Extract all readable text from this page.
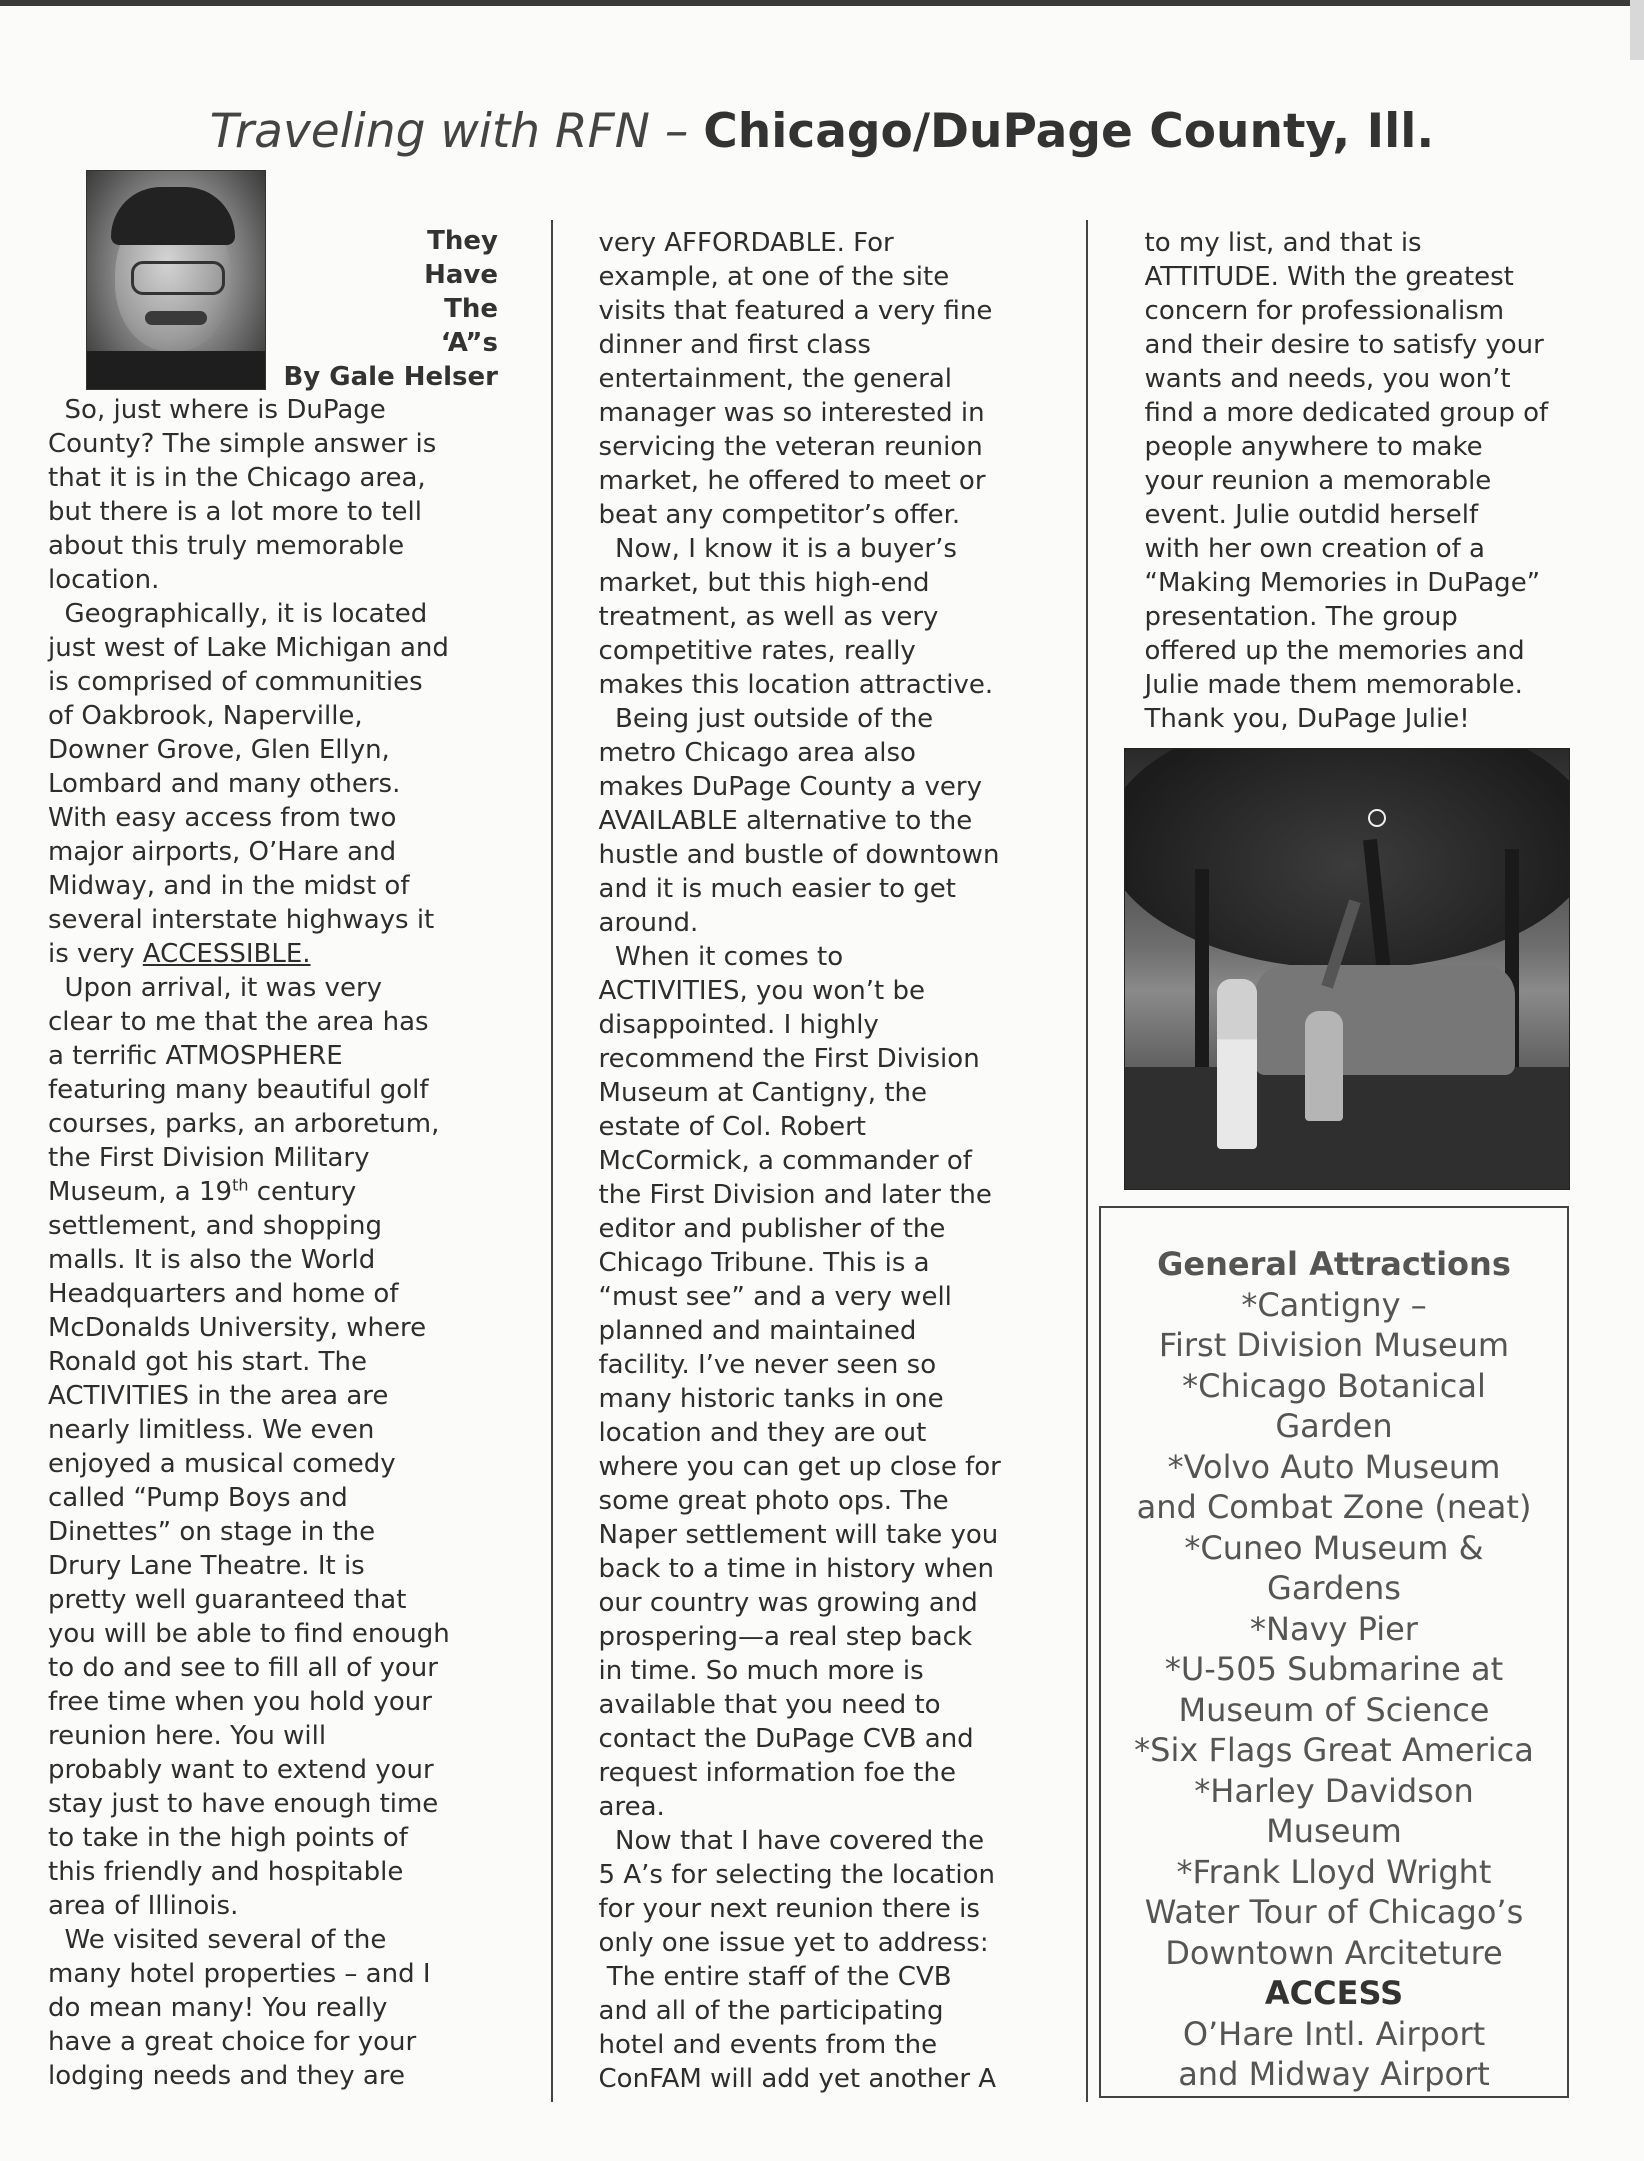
Traveling with RFN – Chicago/DuPage County, Ill.
They
Have
The
‘A”s
By Gale Helser
So, just where is DuPage
County? The simple answer is
that it is in the Chicago area,
but there is a lot more to tell
about this truly memorable
location.
Geographically, it is located
just west of Lake Michigan and
is comprised of communities
of Oakbrook, Naperville,
Downer Grove, Glen Ellyn,
Lombard and many others.
With easy access from two
major airports, O’Hare and
Midway, and in the midst of
several interstate highways it
is very ACCESSIBLE.
Upon arrival, it was very
clear to me that the area has
a terrific ATMOSPHERE
featuring many beautiful golf
courses, parks, an arboretum,
the First Division Military
Museum, a 19th century
settlement, and shopping
malls. It is also the World
Headquarters and home of
McDonalds University, where
Ronald got his start. The
ACTIVITIES in the area are
nearly limitless. We even
enjoyed a musical comedy
called “Pump Boys and
Dinettes” on stage in the
Drury Lane Theatre. It is
pretty well guaranteed that
you will be able to find enough
to do and see to fill all of your
free time when you hold your
reunion here. You will
probably want to extend your
stay just to have enough time
to take in the high points of
this friendly and hospitable
area of Illinois.
We visited several of the
many hotel properties – and I
do mean many! You really
have a great choice for your
lodging needs and they are
very AFFORDABLE. For
example, at one of the site
visits that featured a very fine
dinner and first class
entertainment, the general
manager was so interested in
servicing the veteran reunion
market, he offered to meet or
beat any competitor’s offer.
Now, I know it is a buyer’s
market, but this high-end
treatment, as well as very
competitive rates, really
makes this location attractive.
Being just outside of the
metro Chicago area also
makes DuPage County a very
AVAILABLE alternative to the
hustle and bustle of downtown
and it is much easier to get
around.
When it comes to
ACTIVITIES, you won’t be
disappointed. I highly
recommend the First Division
Museum at Cantigny, the
estate of Col. Robert
McCormick, a commander of
the First Division and later the
editor and publisher of the
Chicago Tribune. This is a
“must see” and a very well
planned and maintained
facility. I’ve never seen so
many historic tanks in one
location and they are out
where you can get up close for
some great photo ops. The
Naper settlement will take you
back to a time in history when
our country was growing and
prospering—a real step back
in time. So much more is
available that you need to
contact the DuPage CVB and
request information foe the
area.
Now that I have covered the
5 A’s for selecting the location
for your next reunion there is
only one issue yet to address:
The entire staff of the CVB
and all of the participating
hotel and events from the
ConFAM will add yet another A
to my list, and that is
ATTITUDE. With the greatest
concern for professionalism
and their desire to satisfy your
wants and needs, you won’t
find a more dedicated group of
people anywhere to make
your reunion a memorable
event. Julie outdid herself
with her own creation of a
“Making Memories in DuPage”
presentation. The group
offered up the memories and
Julie made them memorable.
Thank you, DuPage Julie!
General Attractions
*Cantigny –
First Division Museum
*Chicago Botanical
Garden
*Volvo Auto Museum
and Combat Zone (neat)
*Cuneo Museum &
Gardens
*Navy Pier
*U-505 Submarine at
Museum of Science
*Six Flags Great America
*Harley Davidson
Museum
*Frank Lloyd Wright
Water Tour of Chicago’s
Downtown Arciteture
ACCESS
O’Hare Intl. Airport
and Midway Airport
